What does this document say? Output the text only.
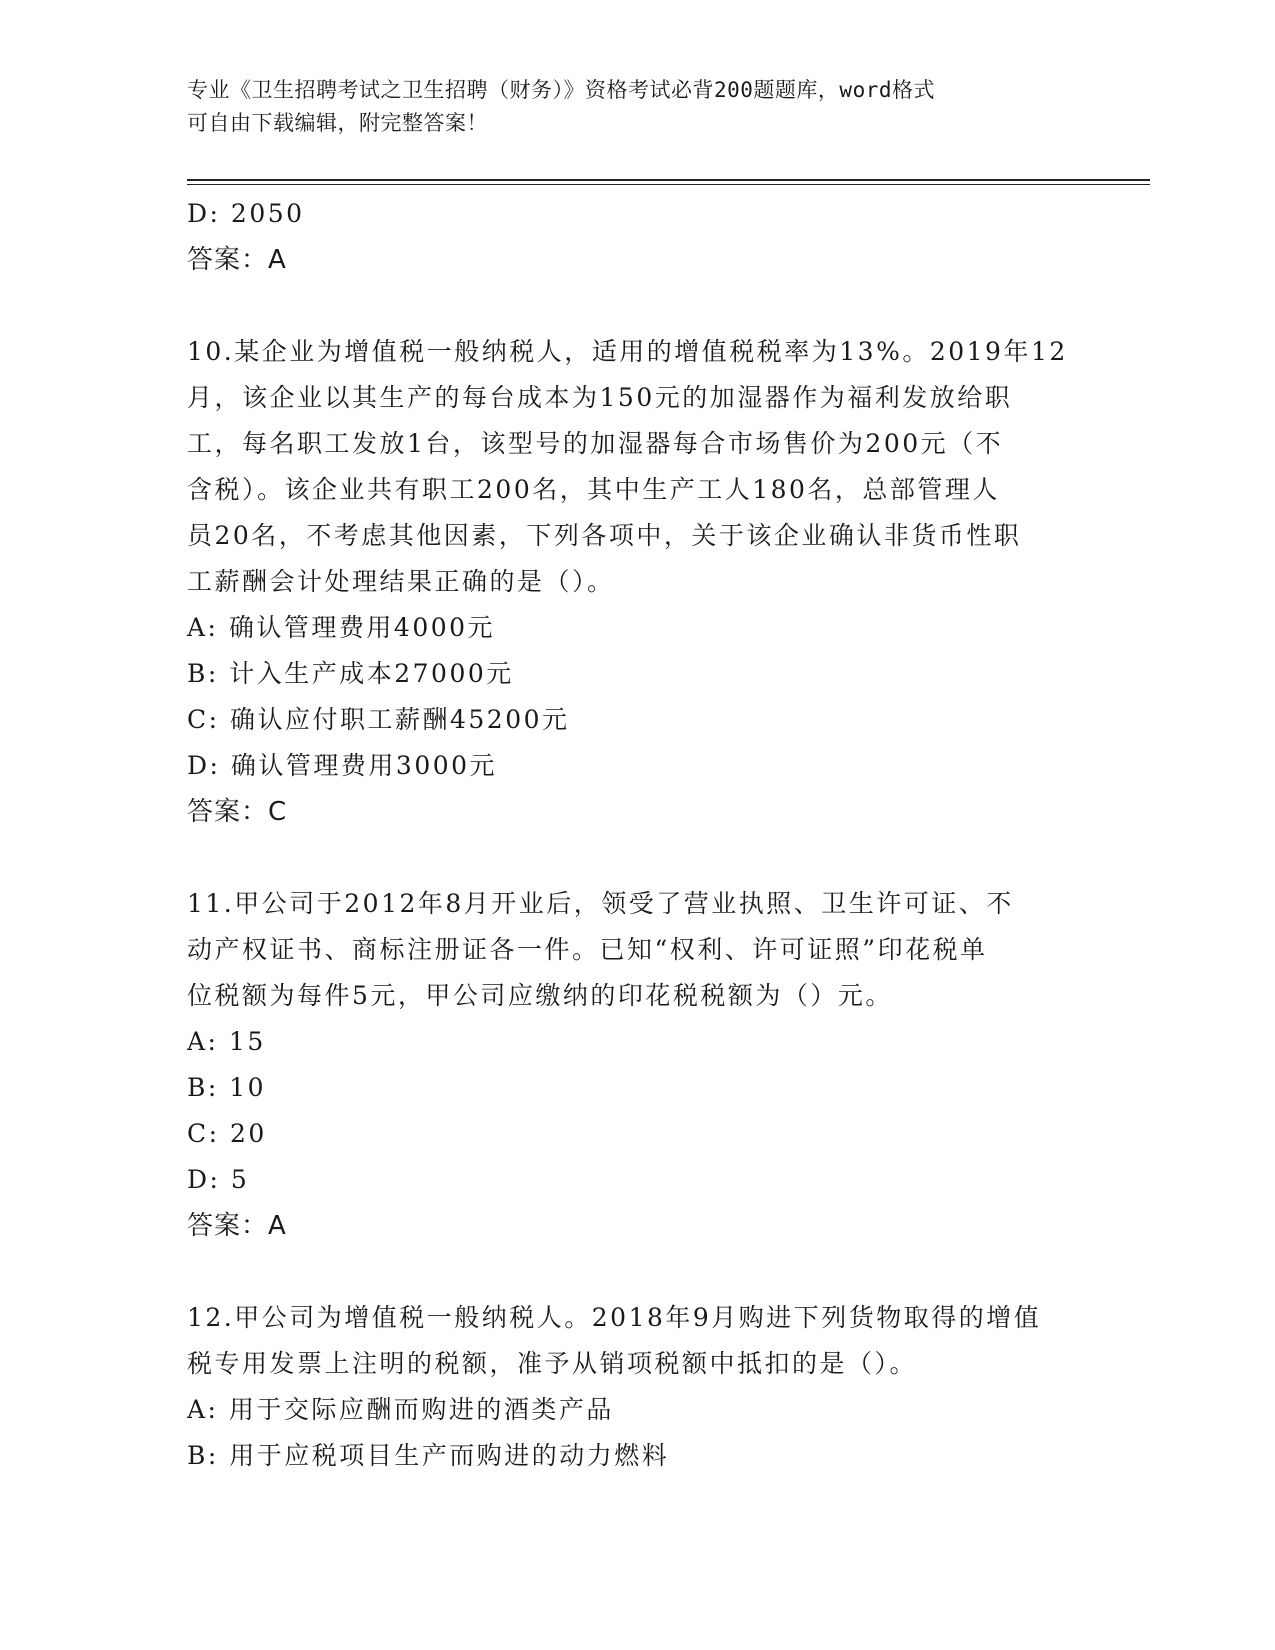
专业《卫生招聘考试之卫生招聘（财务）》资格考试必背200题题库，word格式
可自由下载编辑，附完整答案！
D: 2050
答案：A
10.某企业为增值税一般纳税人，适用的增值税税率为13%。2019年12
月，该企业以其生产的每台成本为150元的加湿器作为福利发放给职
工，每名职工发放1台，该型号的加湿器每合市场售价为200元（不
含税）。该企业共有职工200名，其中生产工人180名，总部管理人
员20名，不考虑其他因素，下列各项中，关于该企业确认非货币性职
工薪酬会计处理结果正确的是（）。
A: 确认管理费用4000元
B: 计入生产成本27000元
C: 确认应付职工薪酬45200元
D: 确认管理费用3000元
答案：C
11.甲公司于2012年8月开业后，领受了营业执照、卫生许可证、不
动产权证书、商标注册证各一件。已知“权利、许可证照”印花税单
位税额为每件5元，甲公司应缴纳的印花税税额为（）元。
A: 15
B: 10
C: 20
D: 5
答案：A
12.甲公司为增值税一般纳税人。2018年9月购进下列货物取得的增值
税专用发票上注明的税额，准予从销项税额中抵扣的是（）。
A: 用于交际应酬而购进的酒类产品
B: 用于应税项目生产而购进的动力燃料
